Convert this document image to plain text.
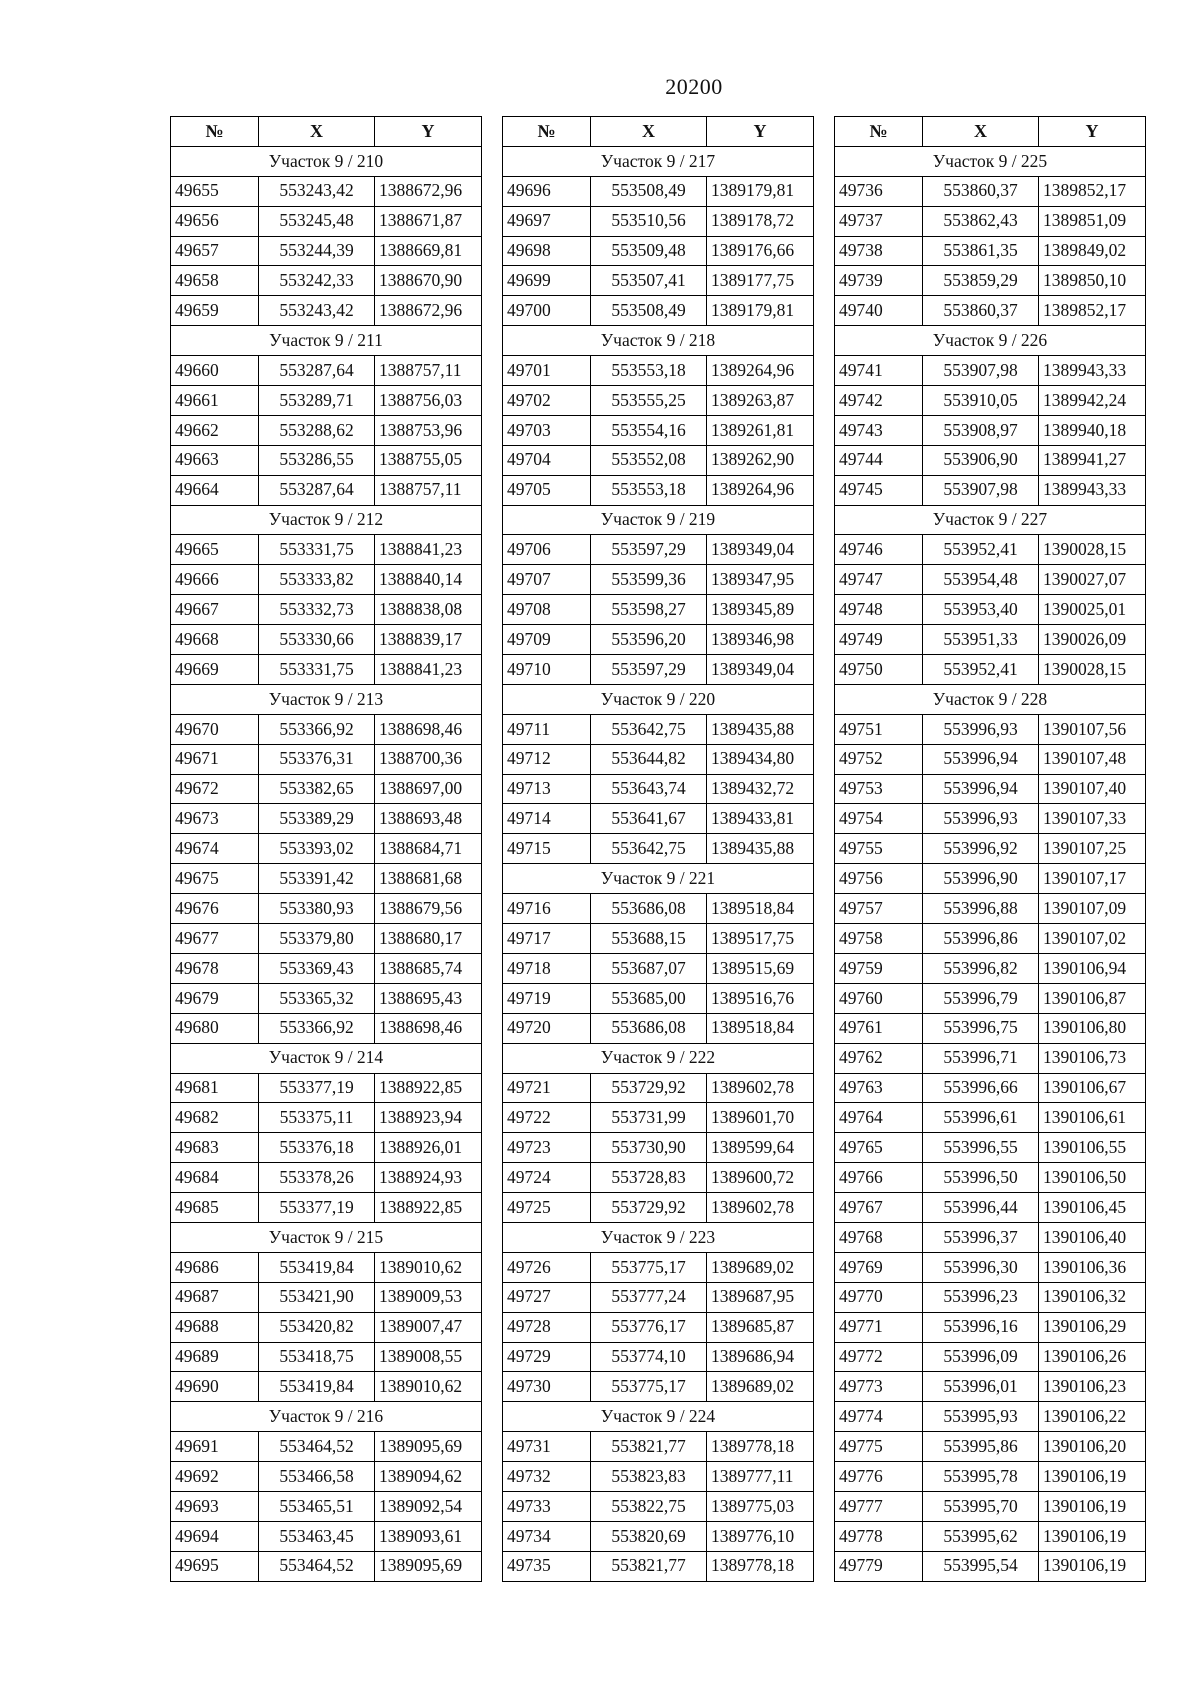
20200
№	X	Y
Участок 9 / 210		
49655	553243,42	1388672,96
49656	553245,48	1388671,87
49657	553244,39	1388669,81
49658	553242,33	1388670,90
49659	553243,42	1388672,96
Участок 9 / 211		
49660	553287,64	1388757,11
49661	553289,71	1388756,03
49662	553288,62	1388753,96
49663	553286,55	1388755,05
49664	553287,64	1388757,11
Участок 9 / 212		
49665	553331,75	1388841,23
49666	553333,82	1388840,14
49667	553332,73	1388838,08
49668	553330,66	1388839,17
49669	553331,75	1388841,23
Участок 9 / 213		
49670	553366,92	1388698,46
49671	553376,31	1388700,36
49672	553382,65	1388697,00
49673	553389,29	1388693,48
49674	553393,02	1388684,71
49675	553391,42	1388681,68
49676	553380,93	1388679,56
49677	553379,80	1388680,17
49678	553369,43	1388685,74
49679	553365,32	1388695,43
49680	553366,92	1388698,46
Участок 9 / 214		
49681	553377,19	1388922,85
49682	553375,11	1388923,94
49683	553376,18	1388926,01
49684	553378,26	1388924,93
49685	553377,19	1388922,85
Участок 9 / 215		
49686	553419,84	1389010,62
49687	553421,90	1389009,53
49688	553420,82	1389007,47
49689	553418,75	1389008,55
49690	553419,84	1389010,62
Участок 9 / 216		
49691	553464,52	1389095,69
49692	553466,58	1389094,62
49693	553465,51	1389092,54
49694	553463,45	1389093,61
49695	553464,52	1389095,69
№	X	Y
Участок 9 / 217		
49696	553508,49	1389179,81
49697	553510,56	1389178,72
49698	553509,48	1389176,66
49699	553507,41	1389177,75
49700	553508,49	1389179,81
Участок 9 / 218		
49701	553553,18	1389264,96
49702	553555,25	1389263,87
49703	553554,16	1389261,81
49704	553552,08	1389262,90
49705	553553,18	1389264,96
Участок 9 / 219		
49706	553597,29	1389349,04
49707	553599,36	1389347,95
49708	553598,27	1389345,89
49709	553596,20	1389346,98
49710	553597,29	1389349,04
Участок 9 / 220		
49711	553642,75	1389435,88
49712	553644,82	1389434,80
49713	553643,74	1389432,72
49714	553641,67	1389433,81
49715	553642,75	1389435,88
Участок 9 / 221		
49716	553686,08	1389518,84
49717	553688,15	1389517,75
49718	553687,07	1389515,69
49719	553685,00	1389516,76
49720	553686,08	1389518,84
Участок 9 / 222		
49721	553729,92	1389602,78
49722	553731,99	1389601,70
49723	553730,90	1389599,64
49724	553728,83	1389600,72
49725	553729,92	1389602,78
Участок 9 / 223		
49726	553775,17	1389689,02
49727	553777,24	1389687,95
49728	553776,17	1389685,87
49729	553774,10	1389686,94
49730	553775,17	1389689,02
Участок 9 / 224		
49731	553821,77	1389778,18
49732	553823,83	1389777,11
49733	553822,75	1389775,03
49734	553820,69	1389776,10
49735	553821,77	1389778,18
№	X	Y
Участок 9 / 225		
49736	553860,37	1389852,17
49737	553862,43	1389851,09
49738	553861,35	1389849,02
49739	553859,29	1389850,10
49740	553860,37	1389852,17
Участок 9 / 226		
49741	553907,98	1389943,33
49742	553910,05	1389942,24
49743	553908,97	1389940,18
49744	553906,90	1389941,27
49745	553907,98	1389943,33
Участок 9 / 227		
49746	553952,41	1390028,15
49747	553954,48	1390027,07
49748	553953,40	1390025,01
49749	553951,33	1390026,09
49750	553952,41	1390028,15
Участок 9 / 228		
49751	553996,93	1390107,56
49752	553996,94	1390107,48
49753	553996,94	1390107,40
49754	553996,93	1390107,33
49755	553996,92	1390107,25
49756	553996,90	1390107,17
49757	553996,88	1390107,09
49758	553996,86	1390107,02
49759	553996,82	1390106,94
49760	553996,79	1390106,87
49761	553996,75	1390106,80
49762	553996,71	1390106,73
49763	553996,66	1390106,67
49764	553996,61	1390106,61
49765	553996,55	1390106,55
49766	553996,50	1390106,50
49767	553996,44	1390106,45
49768	553996,37	1390106,40
49769	553996,30	1390106,36
49770	553996,23	1390106,32
49771	553996,16	1390106,29
49772	553996,09	1390106,26
49773	553996,01	1390106,23
49774	553995,93	1390106,22
49775	553995,86	1390106,20
49776	553995,78	1390106,19
49777	553995,70	1390106,19
49778	553995,62	1390106,19
49779	553995,54	1390106,19
